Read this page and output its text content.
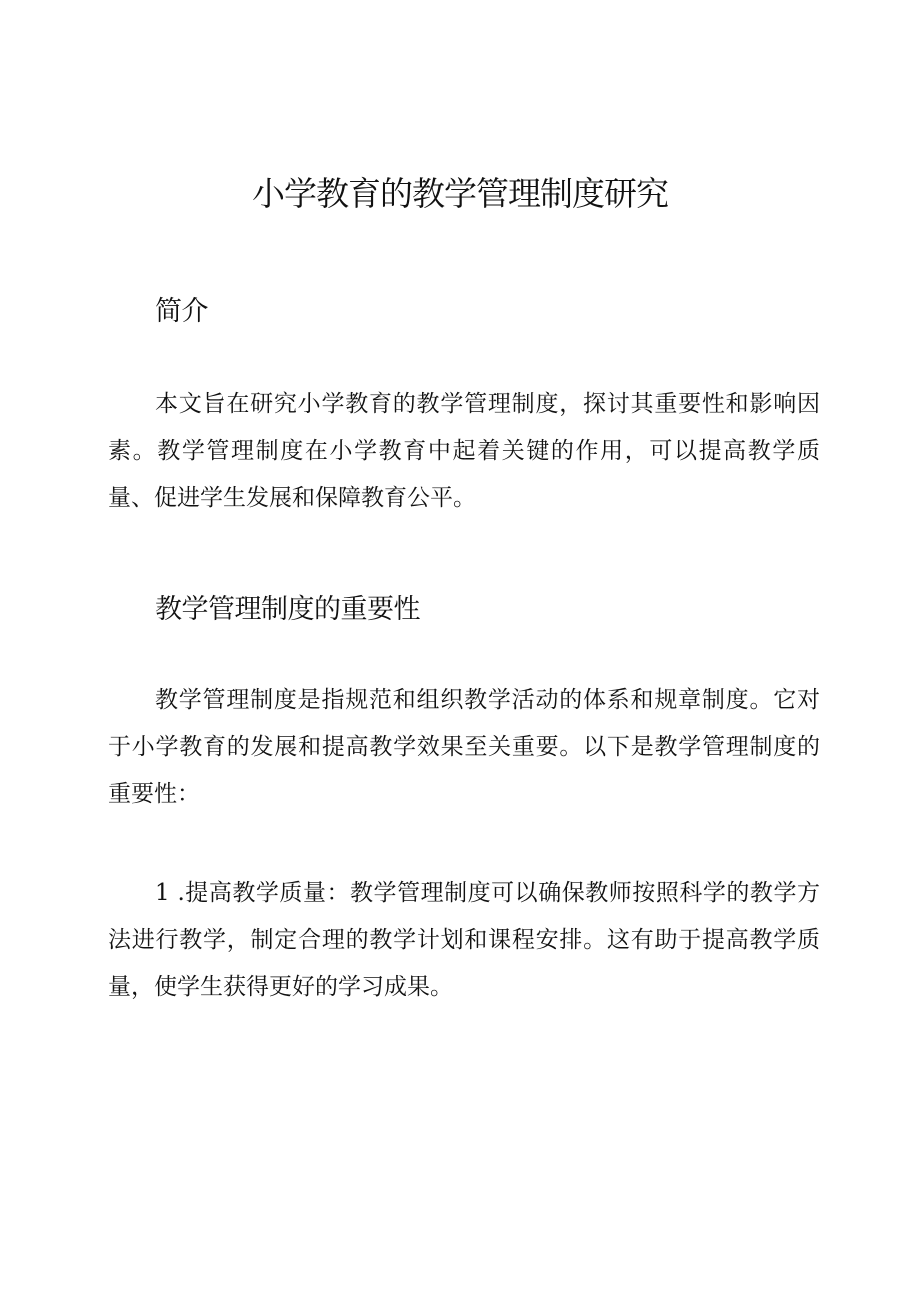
小学教育的教学管理制度研究
简介

本文旨在研究小学教育的教学管理制度，探讨其重要性和影响因素。教学管理制度在小学教育中起着关键的作用，可以提高教学质量、促进学生发展和保障教育公平。

教学管理制度的重要性

教学管理制度是指规范和组织教学活动的体系和规章制度。它对于小学教育的发展和提高教学效果至关重要。以下是教学管理制度的重要性：

1 .提高教学质量：教学管理制度可以确保教师按照科学的教学方法进行教学，制定合理的教学计划和课程安排。这有助于提高教学质量，使学生获得更好的学习成果。
